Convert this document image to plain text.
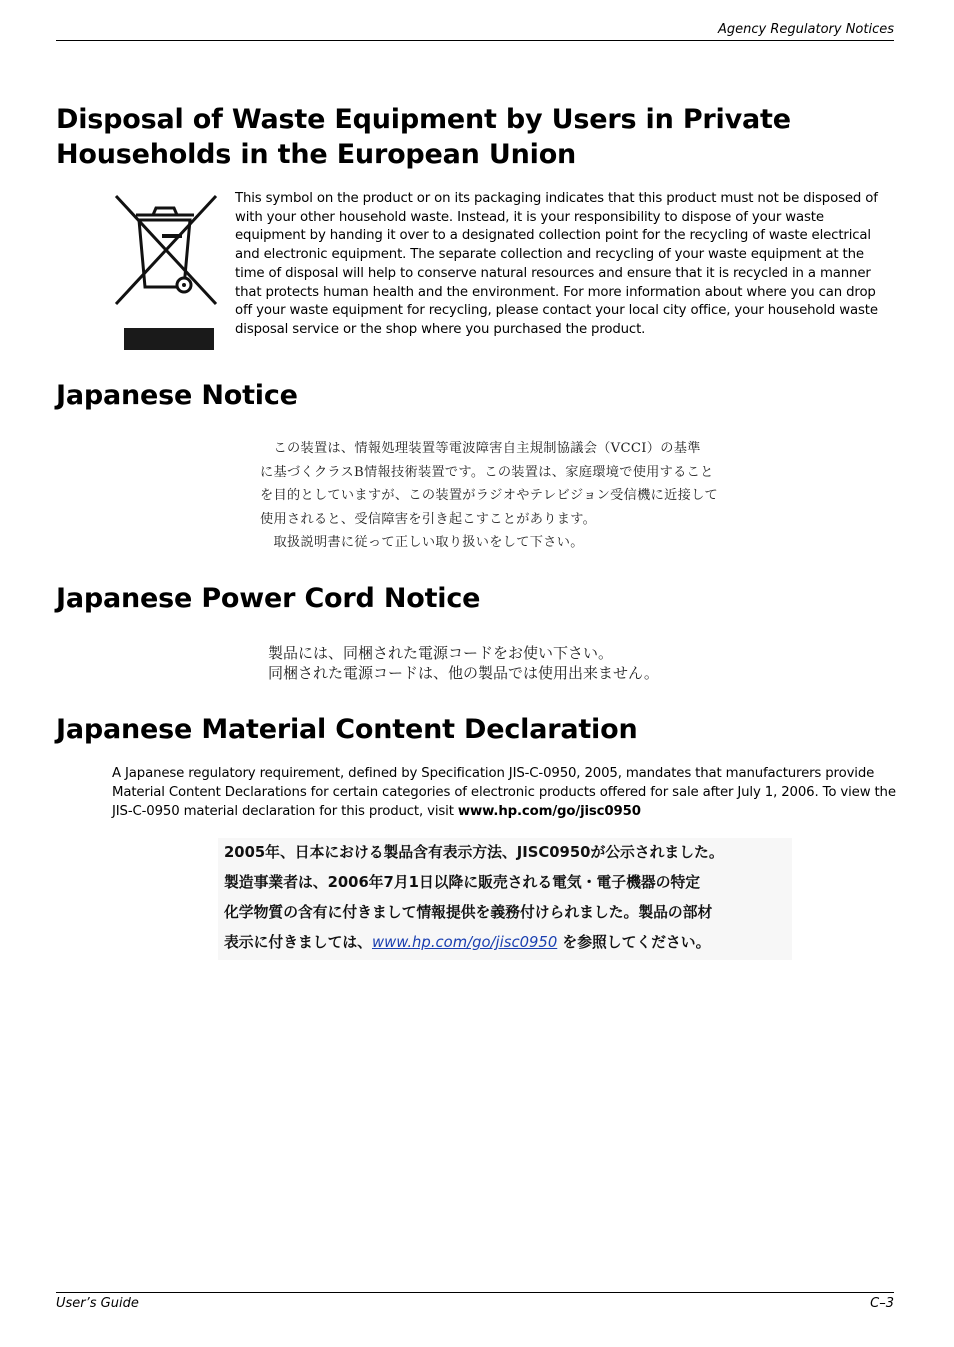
Agency Regulatory Notices
Disposal of Waste Equipment by Users in Private
Households in the European Union

This symbol on the product or on its packaging indicates that this product must not be disposed of with your other household waste. Instead, it is your responsibility to dispose of your waste equipment by handing it over to a designated collection point for the recycling of waste electrical and electronic equipment. The separate collection and recycling of your waste equipment at the time of disposal will help to conserve natural resources and ensure that it is recycled in a manner that protects human health and the environment. For more information about where you can drop off your waste equipment for recycling, please contact your local city office, your household waste disposal service or the shop where you purchased the product.

Japanese Notice
　この装置は、情報処理装置等電波障害自主規制協議会（VCCI）の基準
に基づくクラスB情報技術装置です。この装置は、家庭環境で使用すること
を目的としていますが、この装置がラジオやテレビジョン受信機に近接して
使用されると、受信障害を引き起こすことがあります。
　取扱説明書に従って正しい取り扱いをして下さい。
Japanese Power Cord Notice
製品には、同梱された電源コードをお使い下さい。
同梱された電源コードは、他の製品では使用出来ません。
Japanese Material Content Declaration

A Japanese regulatory requirement, defined by Specification JIS-C-0950, 2005, mandates that manufacturers provide Material Content Declarations for certain categories of electronic products offered for sale after July 1, 2006. To view the JIS-C-0950 material declaration for this product, visit www.hp.com/go/jisc0950

2005年、日本における製品含有表示方法、JISC0950が公示されました。
製造事業者は、2006年7月1日以降に販売される電気・電子機器の特定
化学物質の含有に付きまして情報提供を義務付けられました。製品の部材
表示に付きましては、www.hp.com/go/jisc0950 を参照してください。
User’s Guide	C–3
